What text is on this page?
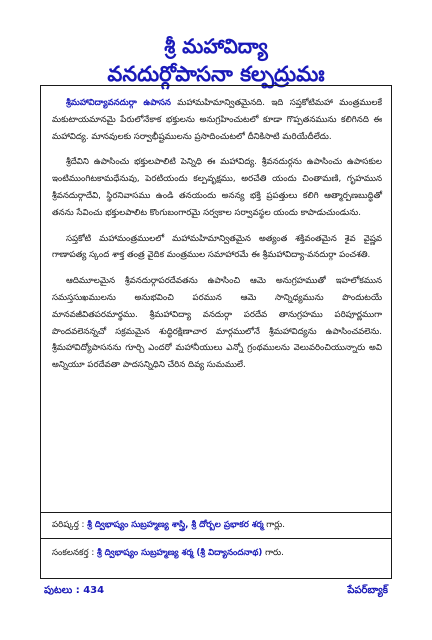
శ్రీ మహావిద్యా
వనదుర్గోపాసనా కల్పద్రుమః

శ్రీమహావిద్యావనదుర్గా ఉపాసన మహామహిమాన్వితమైనది. ఇది సప్తకోటిమహా మంత్రములకే మకుటాయమానమై పేరులోనేకాక భక్తులను అనుగ్రహించుటలో కూడా గొప్పతనమును కలిగినది ఈ మహావిద్య. మానవులకు సర్వాభీష్టములను ప్రసాదించుటలో దీనికిసాటి మరియేదీలేదు.

శ్రీదేవిని ఉపాసించు భక్తులపాలిటి పెన్నిధి ఈ మహావిద్య. శ్రీవనదుర్గను ఉపాసించు ఉపాసకుల ఇంటిముంగిటకామధేనువు, పెరటియందు కల్పవృక్షము, అరచేతి యందు చింతామణి, గృహమున శ్రీవనదుర్గాదేవి, స్థిరనివాసము ఉండి తనయందు అనన్య భక్తి ప్రపత్తులు కలిగి ఆత్మార్పణబుద్ధితో తనను సేవించు భక్తులపాలిట కొంగుబంగారమై సర్వకాల సర్వావస్థల యందు కాపాడుచుండును.

సప్తకోటి మహామంత్రములలో మహామహిమాన్వితమైన అత్యంత శక్తివంతమైన శైవ వైష్ణవ గాణాపత్య స్కంద శాక్త తంత్ర వైదిక మంత్రముల సమాహారమే ఈ శ్రీమహావిద్యా-వనదుర్గా పంచశతి.

ఆదిమూలమైన శ్రీవనదుర్గాపరదేవతను ఉపాసించి ఆమె అనుగ్రహముతో ఇహలోకమున సమస్తసుఖములను అనుభవించి పరమున ఆమె సాన్నిధ్యమును పొందుటయే మానవజీవితపరమార్థము. శ్రీమహావిద్యా వనదుర్గా పరదేవ తానుగ్రహము పరిపూర్ణముగా పొందవలెనన్నచో సక్రమమైన శుద్ధిరక్షిణాచార మార్గములోనే శ్రీమహావిద్యను ఉపాసించవలెను. శ్రీమహావిద్యోపాసనను గూర్చి ఎందరో మహానీయులు ఎన్నో గ్రంథములను వెలువరించియున్నారు అవి అన్నియూ పరదేవతా పాదసన్నిధిని చేరిన దివ్య సుమములే.

పరిష్కర్త : శ్రీ ద్విభాష్యం సుబ్రహ్మణ్య శాస్త్రి, శ్రీ దోర్బల ప్రభాకర శర్మ గార్లు.
సంకలనకర్త : శ్రీ ద్విభాష్యం సుబ్రహ్మణ్య శర్మ (శ్రీ విద్యానందనాథ) గారు.
పుటలు : 434	పేపర్‌బ్యాక్
